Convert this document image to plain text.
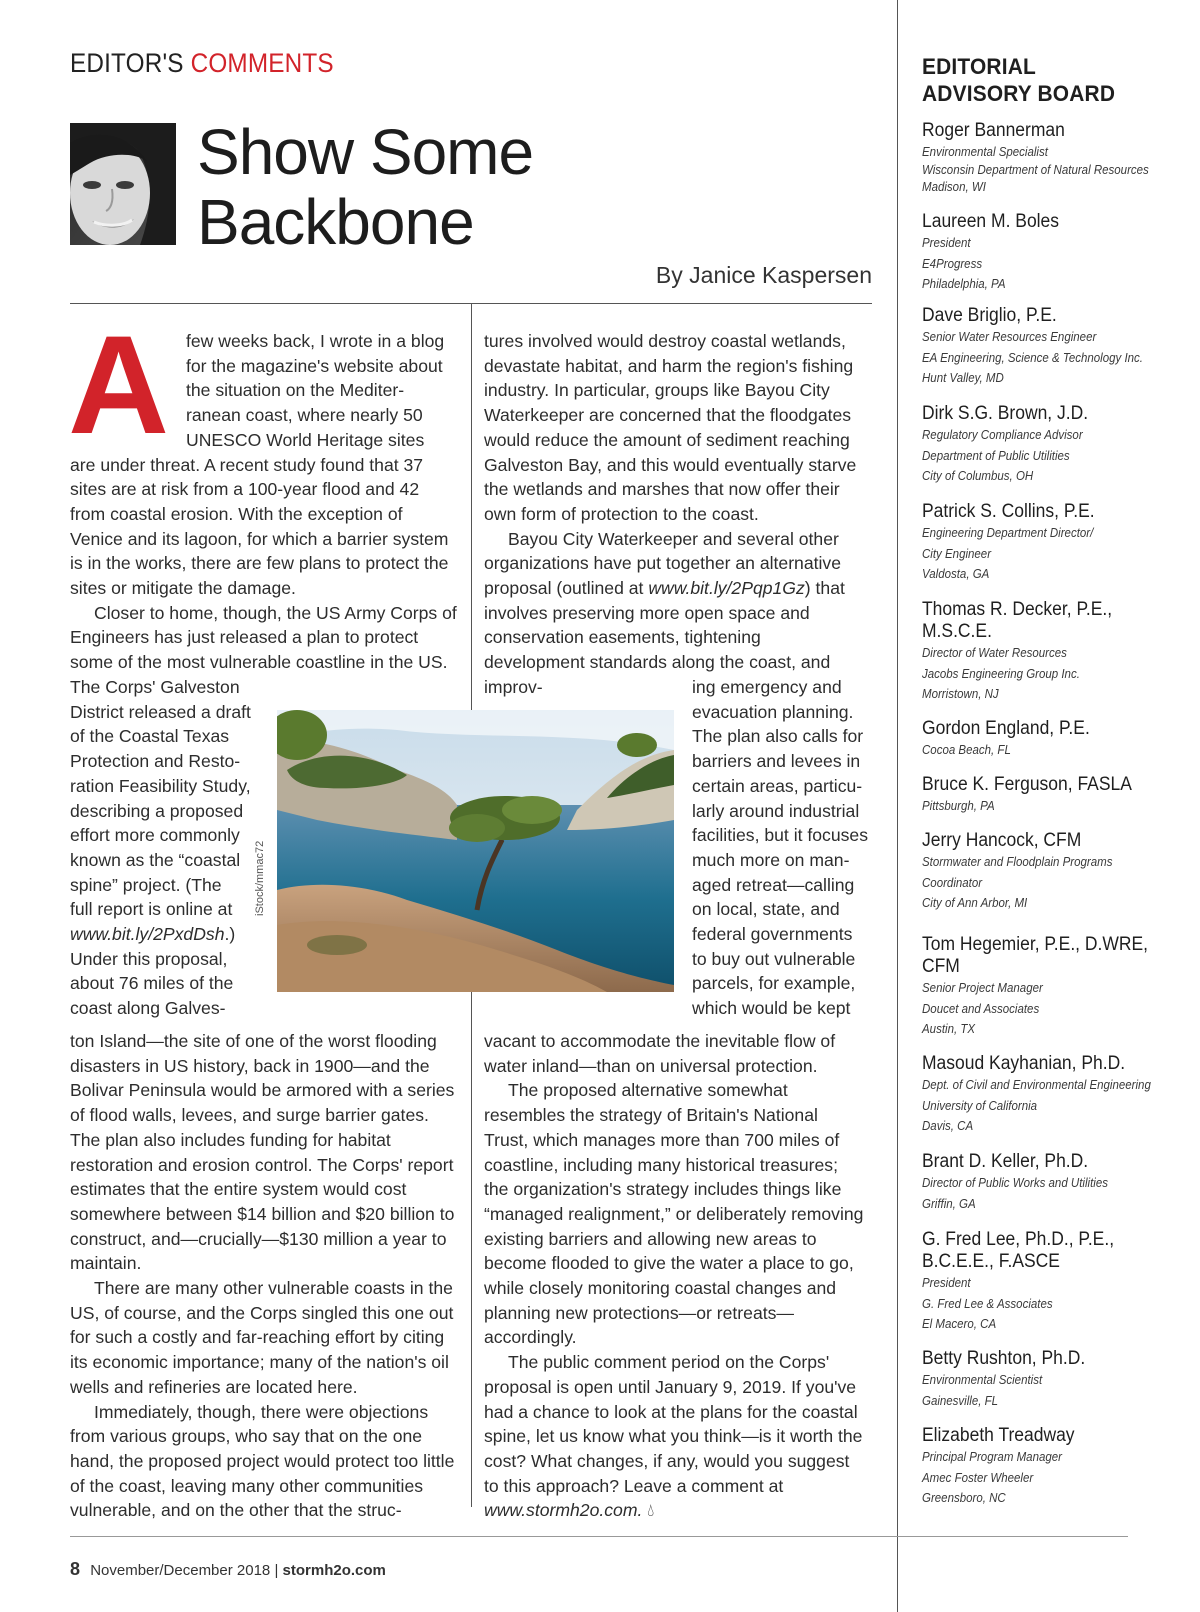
EDITOR'S COMMENTS
Show Some
Backbone
By Janice Kaspersen
A few weeks back, I wrote in a blog
for the magazine's website about
the situation on the Mediter-
ranean coast, where nearly 50
UNESCO World Heritage sites

are under threat. A recent study found that 37 sites are at risk from a 100-year flood and 42 from coastal erosion. With the exception of Venice and its lagoon, for which a barrier system is in the works, there are few plans to protect the sites or mitigate the damage.

Closer to home, though, the US Army Corps of Engineers has just released a plan to protect some of the most vulnerable coastline in the US.

The Corps' Galveston
District released a draft
of the Coastal Texas
Protection and Resto-
ration Feasibility Study,
describing a proposed
effort more commonly
known as the “coastal
spine” project. (The
full report is online at
www.bit.ly/2PxdDsh.)
Under this proposal,
about 76 miles of the
coast along Galves-

ton Island—the site of one of the worst flooding disasters in US history, back in 1900—and the Bolivar Peninsula would be armored with a series of flood walls, levees, and surge barrier gates. The plan also includes funding for habitat restoration and erosion control. The Corps' report estimates that the entire system would cost somewhere between $14 billion and $20 billion to construct, and—crucially—$130 million a year to maintain.

There are many other vulnerable coasts in the US, of course, and the Corps singled this one out for such a costly and far-reaching effort by citing its economic importance; many of the nation's oil wells and refineries are located here.

Immediately, though, there were objections from various groups, who say that on the one hand, the proposed project would protect too little of the coast, leaving many other communities vulnerable, and on the other that the struc-

tures involved would destroy coastal wetlands, devastate habitat, and harm the region's fishing industry. In particular, groups like Bayou City Waterkeeper are concerned that the floodgates would reduce the amount of sediment reaching Galveston Bay, and this would eventually starve the wetlands and marshes that now offer their own form of protection to the coast.

Bayou City Waterkeeper and several other organizations have put together an alternative proposal (outlined at www.bit.ly/2Pqp1Gz) that involves preserving more open space and conservation easements, tightening development standards along the coast, and improv-	ing emergency and
evacuation planning.
The plan also calls for
barriers and levees in
certain areas, particu-
larly around industrial
facilities, but it focuses
much more on man-
aged retreat—calling
on local, state, and
federal governments
to buy out vulnerable
parcels, for example,
which would be kept

vacant to accommodate the inevitable flow of water inland—than on universal protection.

The proposed alternative somewhat resembles the strategy of Britain's National Trust, which manages more than 700 miles of coastline, including many historical treasures; the organization's strategy includes things like “managed realignment,” or deliberately removing existing barriers and allowing new areas to become flooded to give the water a place to go, while closely monitoring coastal changes and planning new protections—or retreats—accordingly.

The public comment period on the Corps' proposal is open until January 9, 2019. If you've had a chance to look at the plans for the coastal spine, let us know what you think—is it worth the cost? What changes, if any, would you suggest to this approach? Leave a comment at www.stormh2o.com. 💧︎

iStock/mmac72
EDITORIAL
ADVISORY BOARD
Roger Bannerman
Environmental Specialist
Wisconsin Department of Natural Resources
Madison, WI
Laureen M. Boles
President
E4Progress
Philadelphia, PA
Dave Briglio, P.E.
Senior Water Resources Engineer
EA Engineering, Science & Technology Inc.
Hunt Valley, MD
Dirk S.G. Brown, J.D.
Regulatory Compliance Advisor
Department of Public Utilities
City of Columbus, OH
Patrick S. Collins, P.E.
Engineering Department Director/
City Engineer
Valdosta, GA
Thomas R. Decker, P.E.,
M.S.C.E.
Director of Water Resources
Jacobs Engineering Group Inc.
Morristown, NJ
Gordon England, P.E.
Cocoa Beach, FL
Bruce K. Ferguson, FASLA
Pittsburgh, PA
Jerry Hancock, CFM
Stormwater and Floodplain Programs
Coordinator
City of Ann Arbor, MI
Tom Hegemier, P.E., D.WRE,
CFM
Senior Project Manager
Doucet and Associates
Austin, TX
Masoud Kayhanian, Ph.D.
Dept. of Civil and Environmental Engineering
University of California
Davis, CA
Brant D. Keller, Ph.D.
Director of Public Works and Utilities
Griffin, GA
G. Fred Lee, Ph.D., P.E.,
B.C.E.E., F.ASCE
President
G. Fred Lee & Associates
El Macero, CA
Betty Rushton, Ph.D.
Environmental Scientist
Gainesville, FL
Elizabeth Treadway
Principal Program Manager
Amec Foster Wheeler
Greensboro, NC
8 November/December 2018 | stormh2o.com
